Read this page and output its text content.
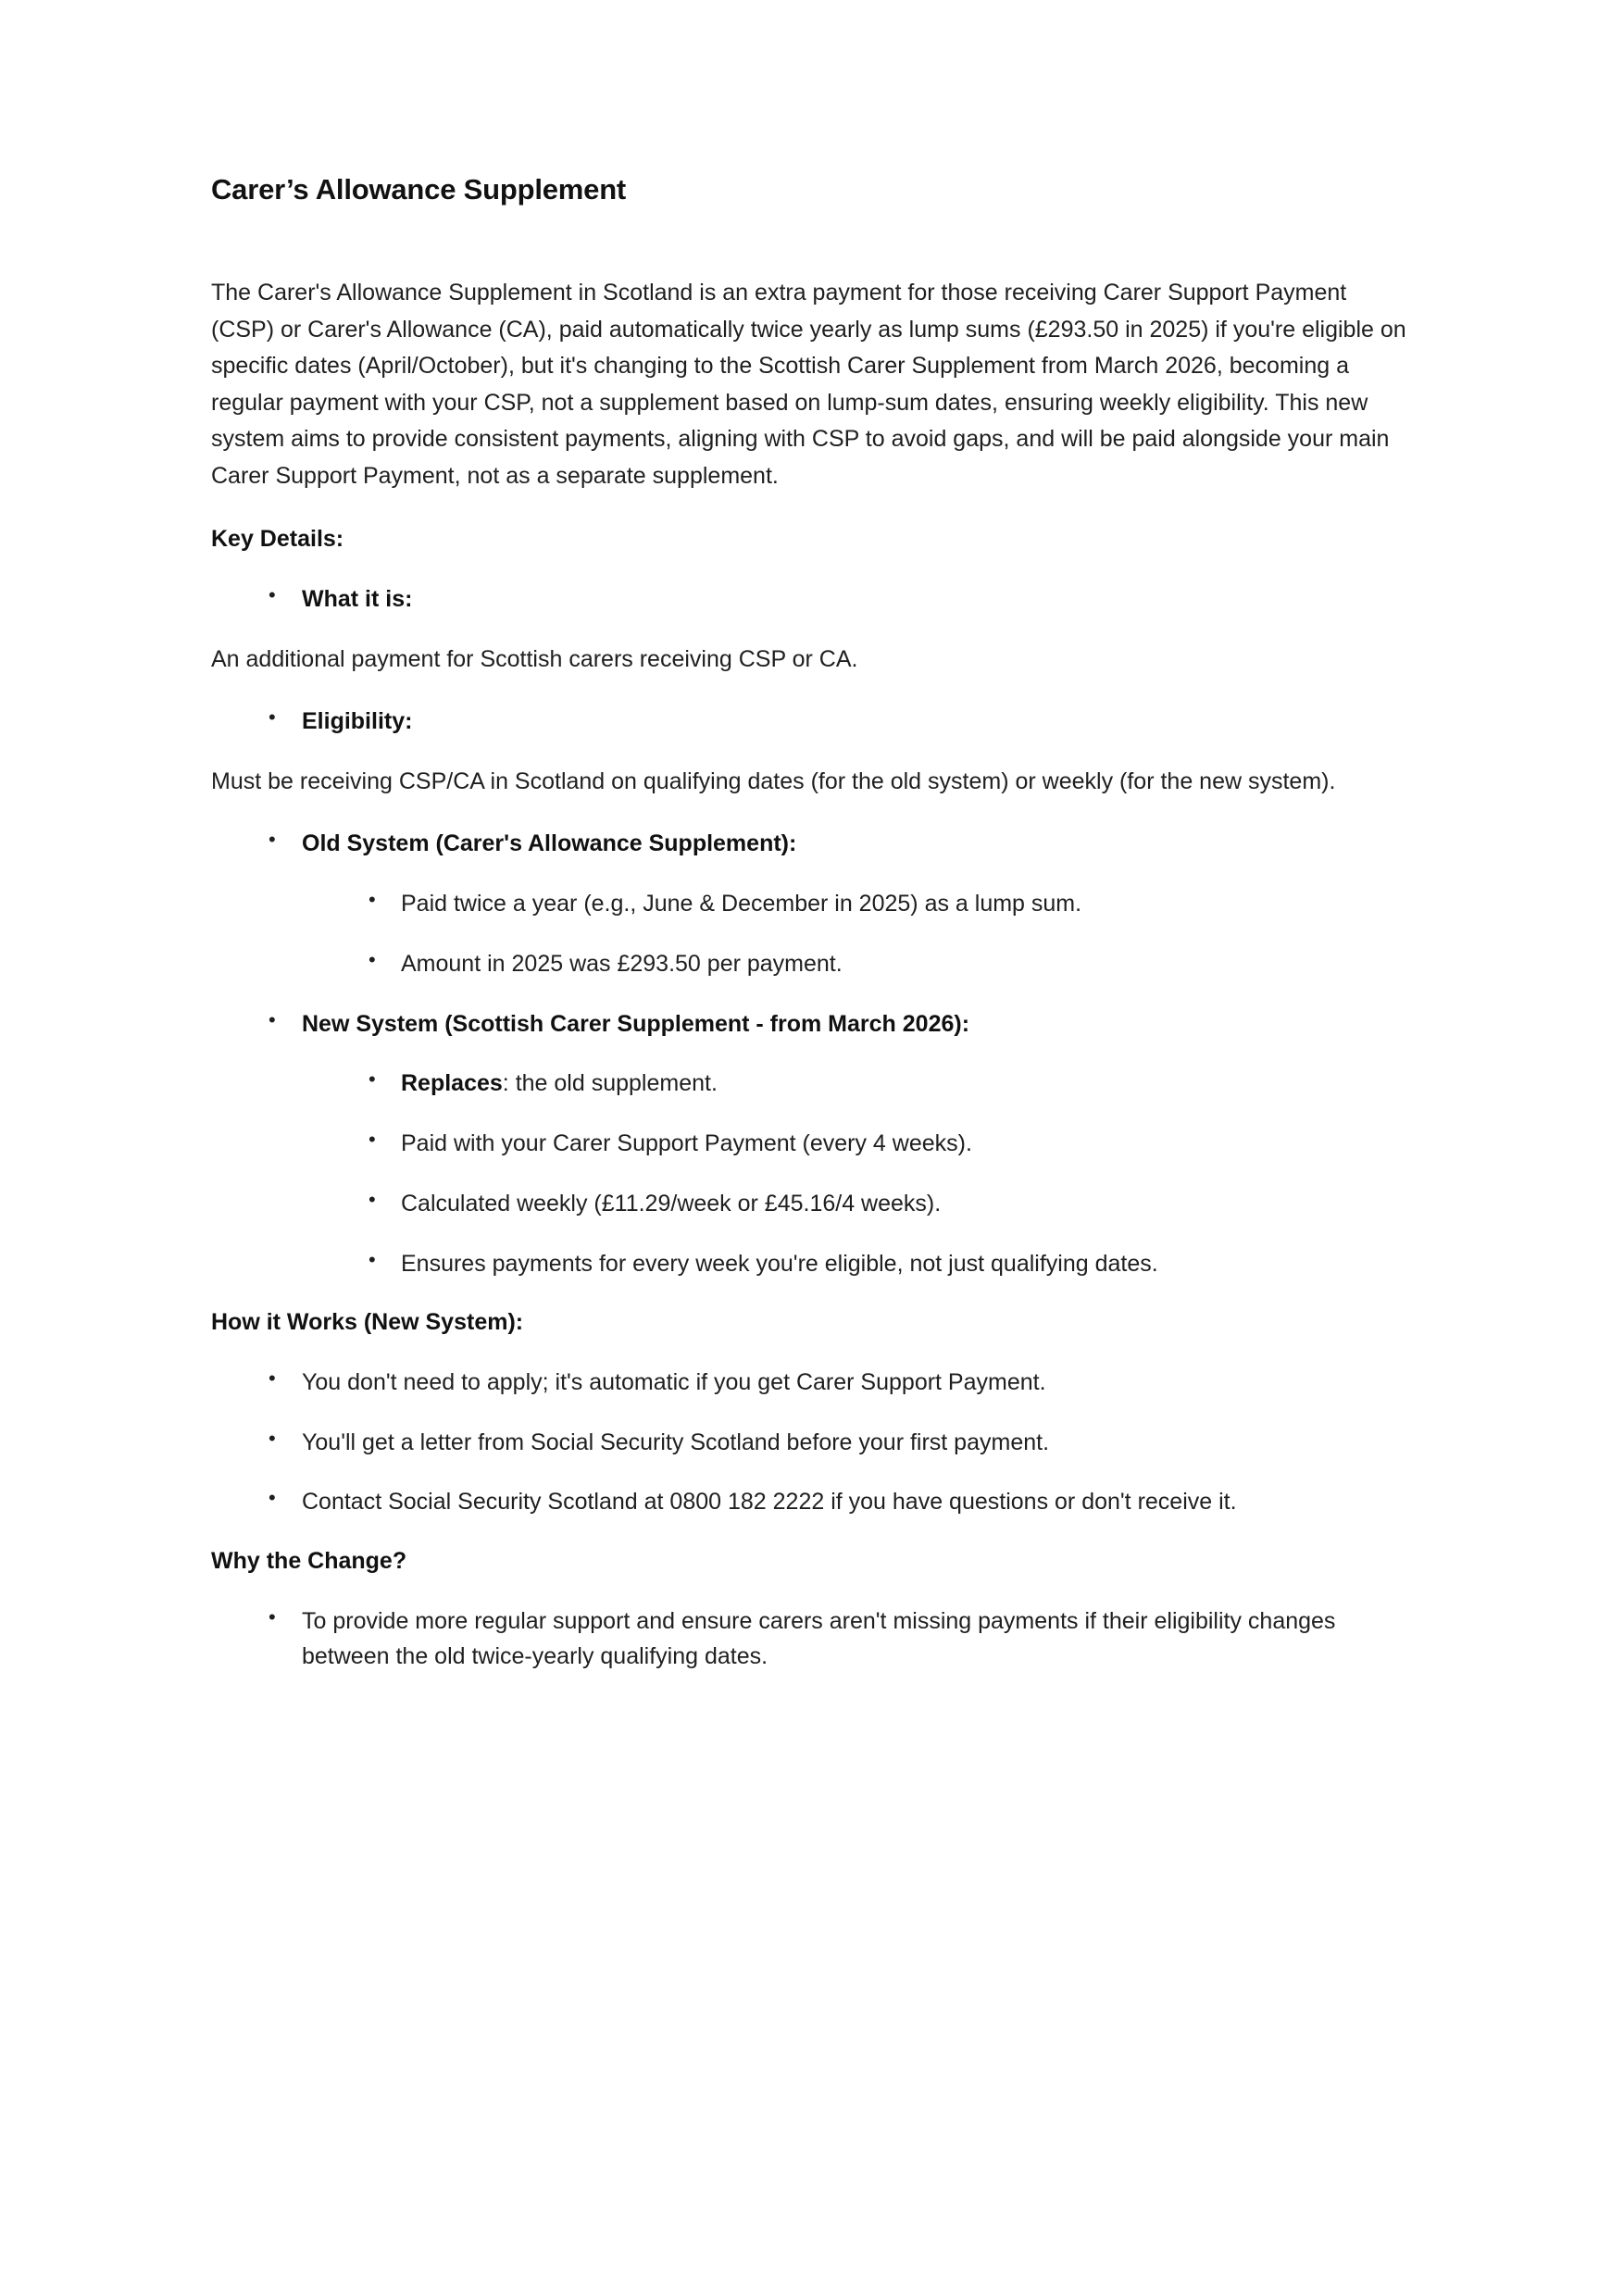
Carer’s Allowance Supplement

The Carer's Allowance Supplement in Scotland is an extra payment for those receiving Carer Support Payment (CSP) or Carer's Allowance (CA), paid automatically twice yearly as lump sums (£293.50 in 2025) if you're eligible on specific dates (April/October), but it's changing to the Scottish Carer Supplement from March 2026, becoming a regular payment with your CSP, not a supplement based on lump-sum dates, ensuring weekly eligibility. This new system aims to provide consistent payments, aligning with CSP to avoid gaps, and will be paid alongside your main Carer Support Payment, not as a separate supplement.

Key Details:
• What it is:

An additional payment for Scottish carers receiving CSP or CA.

• Eligibility:

Must be receiving CSP/CA in Scotland on qualifying dates (for the old system) or weekly (for the new system).

• Old System (Carer's Allowance Supplement):
• Paid twice a year (e.g., June & December in 2025) as a lump sum.
• Amount in 2025 was £293.50 per payment.
• New System (Scottish Carer Supplement - from March 2026):
• Replaces: the old supplement.
• Paid with your Carer Support Payment (every 4 weeks).
• Calculated weekly (£11.29/week or £45.16/4 weeks).
• Ensures payments for every week you're eligible, not just qualifying dates.
How it Works (New System):
• You don't need to apply; it's automatic if you get Carer Support Payment.
• You'll get a letter from Social Security Scotland before your first payment.
• Contact Social Security Scotland at 0800 182 2222 if you have questions or don't receive it.
Why the Change?
• To provide more regular support and ensure carers aren't missing payments if their eligibility changes between the old twice-yearly qualifying dates.
